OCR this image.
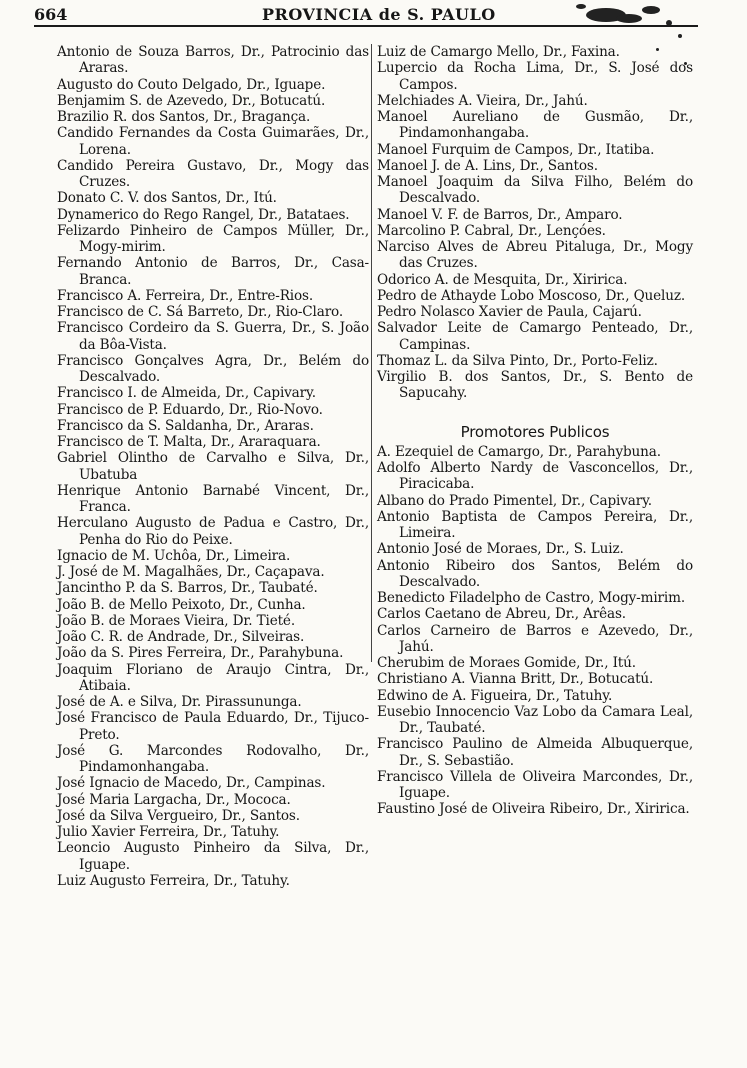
664	PROVINCIA de S. PAULO

Antonio de Souza Barros, Dr., Patrocinio das Araras.

Augusto do Couto Delgado, Dr., Iguape.

Benjamim S. de Azevedo, Dr., Botucatú.

Brazilio R. dos Santos, Dr., Bragança.

Candido Fernandes da Costa Guimarães, Dr., Lorena.

Candido Pereira Gustavo, Dr., Mogy das Cruzes.

Donato C. V. dos Santos, Dr., Itú.

Dynamerico do Rego Rangel, Dr., Batataes.

Felizardo Pinheiro de Campos Müller, Dr., Mogy-mirim.

Fernando Antonio de Barros, Dr., Casa-Branca.

Francisco A. Ferreira, Dr., Entre-Rios.

Francisco de C. Sá Barreto, Dr., Rio-Claro.

Francisco Cordeiro da S. Guerra, Dr., S. João da Bôa-Vista.

Francisco Gonçalves Agra, Dr., Belém do Descalvado.

Francisco I. de Almeida, Dr., Capivary.

Francisco de P. Eduardo, Dr., Rio-Novo.

Francisco da S. Saldanha, Dr., Araras.

Francisco de T. Malta, Dr., Araraquara.

Gabriel Olintho de Carvalho e Silva, Dr., Ubatuba

Henrique Antonio Barnabé Vincent, Dr., Franca.

Herculano Augusto de Padua e Castro, Dr., Penha do Rio do Peixe.

Ignacio de M. Uchôa, Dr., Limeira.

J. José de M. Magalhães, Dr., Caçapava.

Jancintho P. da S. Barros, Dr., Taubaté.

João B. de Mello Peixoto, Dr., Cunha.

João B. de Moraes Vieira, Dr. Tieté.

João C. R. de Andrade, Dr., Silveiras.

João da S. Pires Ferreira, Dr., Parahybuna.

Joaquim Floriano de Araujo Cintra, Dr., Atibaia.

José de A. e Silva, Dr. Pirassununga.

José Francisco de Paula Eduardo, Dr., Tijuco-Preto.

José G. Marcondes Rodovalho, Dr., Pindamonhangaba.

José Ignacio de Macedo, Dr., Campinas.

José Maria Largacha, Dr., Mococa.

José da Silva Vergueiro, Dr., Santos.

Julio Xavier Ferreira, Dr., Tatuhy.

Leoncio Augusto Pinheiro da Silva, Dr., Iguape.

Luiz Augusto Ferreira, Dr., Tatuhy.

Luiz de Camargo Mello, Dr., Faxina.

Lupercio da Rocha Lima, Dr., S. José dos Campos.

Melchiades A. Vieira, Dr., Jahú.

Manoel Aureliano de Gusmão, Dr., Pindamonhangaba.

Manoel Furquim de Campos, Dr., Itatiba.

Manoel J. de A. Lins, Dr., Santos.

Manoel Joaquim da Silva Filho, Belém do Descalvado.

Manoel V. F. de Barros, Dr., Amparo.

Marcolino P. Cabral, Dr., Lençóes.

Narciso Alves de Abreu Pitaluga, Dr., Mogy das Cruzes.

Odorico A. de Mesquita, Dr., Xiririca.

Pedro de Athayde Lobo Moscoso, Dr., Queluz.

Pedro Nolasco Xavier de Paula, Cajarú.

Salvador Leite de Camargo Penteado, Dr., Campinas.

Thomaz L. da Silva Pinto, Dr., Porto-Feliz.

Virgilio B. dos Santos, Dr., S. Bento de Sapucahy.

Promotores Publicos

A. Ezequiel de Camargo, Dr., Parahybuna.

Adolfo Alberto Nardy de Vasconcellos, Dr., Piracicaba.

Albano do Prado Pimentel, Dr., Capivary.

Antonio Baptista de Campos Pereira, Dr., Limeira.

Antonio José de Moraes, Dr., S. Luiz.

Antonio Ribeiro dos Santos, Belém do Descalvado.

Benedicto Filadelpho de Castro, Mogy-mirim.

Carlos Caetano de Abreu, Dr., Arêas.

Carlos Carneiro de Barros e Azevedo, Dr., Jahú.

Cherubim de Moraes Gomide, Dr., Itú.

Christiano A. Vianna Britt, Dr., Botucatú.

Edwino de A. Figueira, Dr., Tatuhy.

Eusebio Innocencio Vaz Lobo da Camara Leal, Dr., Taubaté.

Francisco Paulino de Almeida Albuquerque, Dr., S. Sebastião.

Francisco Villela de Oliveira Marcondes, Dr., Iguape.

Faustino José de Oliveira Ribeiro, Dr., Xiririca.
